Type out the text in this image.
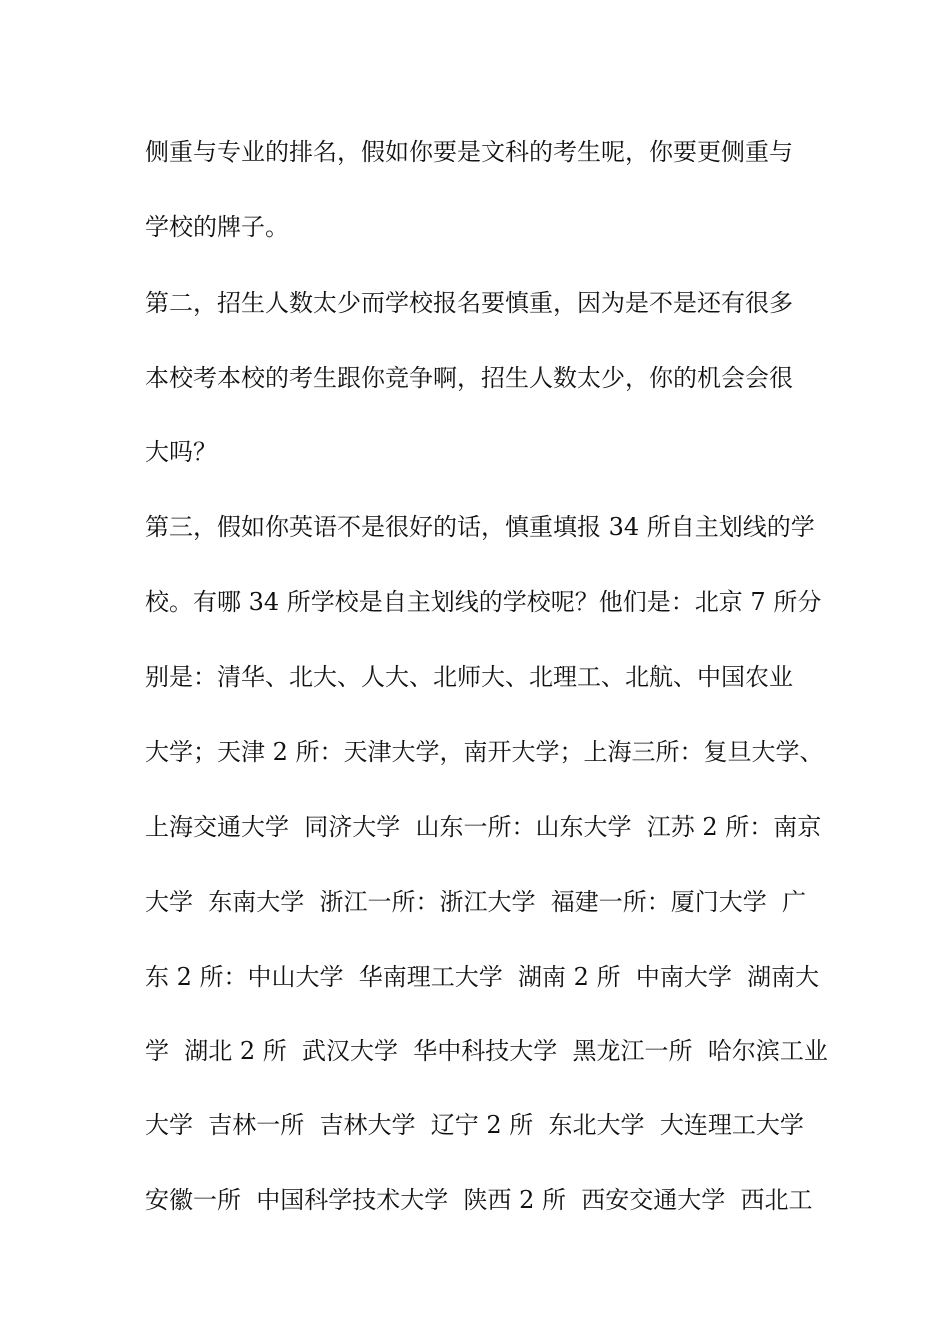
侧重与专业的排名，假如你要是文科的考生呢，你要更侧重与

学校的牌子。

第二，招生人数太少而学校报名要慎重，因为是不是还有很多

本校考本校的考生跟你竞争啊，招生人数太少，你的机会会很

大吗？

第三，假如你英语不是很好的话，慎重填报 34 所自主划线的学

校。有哪 34 所学校是自主划线的学校呢？他们是：北京 7 所分

别是：清华、北大、人大、北师大、北理工、北航、中国农业

大学；天津 2 所：天津大学，南开大学；上海三所：复旦大学、

上海交通大学  同济大学  山东一所：山东大学  江苏 2 所：南京

大学  东南大学  浙江一所：浙江大学  福建一所：厦门大学  广

东 2 所：中山大学  华南理工大学  湖南 2 所  中南大学  湖南大

学  湖北 2 所  武汉大学  华中科技大学  黑龙江一所  哈尔滨工业

大学  吉林一所  吉林大学  辽宁 2 所  东北大学  大连理工大学

安徽一所  中国科学技术大学  陕西 2 所  西安交通大学  西北工
